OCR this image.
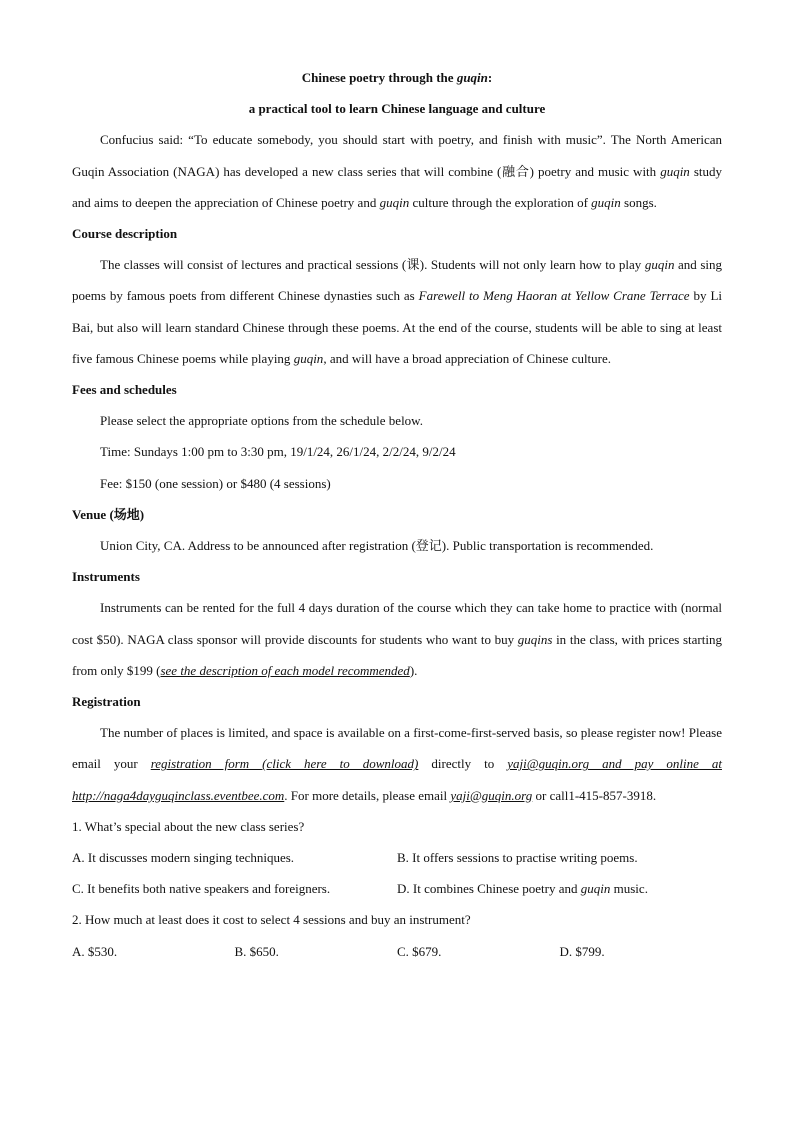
Chinese poetry through the guqin:

a practical tool to learn Chinese language and culture

Confucius said: “To educate somebody, you should start with poetry, and finish with music”. The North American Guqin Association (NAGA) has developed a new class series that will combine (融合) poetry and music with guqin study and aims to deepen the appreciation of Chinese poetry and guqin culture through the exploration of guqin songs.

Course description

The classes will consist of lectures and practical sessions (课). Students will not only learn how to play guqin and sing poems by famous poets from different Chinese dynasties such as Farewell to Meng Haoran at Yellow Crane Terrace by Li Bai, but also will learn standard Chinese through these poems. At the end of the course, students will be able to sing at least five famous Chinese poems while playing guqin, and will have a broad appreciation of Chinese culture.

Fees and schedules

Please select the appropriate options from the schedule below.

Time: Sundays 1:00 pm to 3:30 pm, 19/1/24, 26/1/24, 2/2/24, 9/2/24

Fee: $150 (one session) or $480 (4 sessions)

Venue (场地)

Union City, CA. Address to be announced after registration (登记). Public transportation is recommended.

Instruments

Instruments can be rented for the full 4 days duration of the course which they can take home to practice with (normal cost $50). NAGA class sponsor will provide discounts for students who want to buy guqins in the class, with prices starting from only $199 (see the description of each model recommended).

Registration

The number of places is limited, and space is available on a first-come-first-served basis, so please register now! Please email your registration form (click here to download) directly to yaji@guqin.org and pay online at http://naga4dayguqinclass.eventbee.com. For more details, please email yaji@guqin.org or call1-415-857-3918.

1. What’s special about the new class series?

A. It discusses modern singing techniques.	B. It offers sessions to practise writing poems.
C. It benefits both native speakers and foreigners.	D. It combines Chinese poetry and guqin music.

2. How much at least does it cost to select 4 sessions and buy an instrument?

A. $530.	B. $650.	C. $679.	D. $799.
